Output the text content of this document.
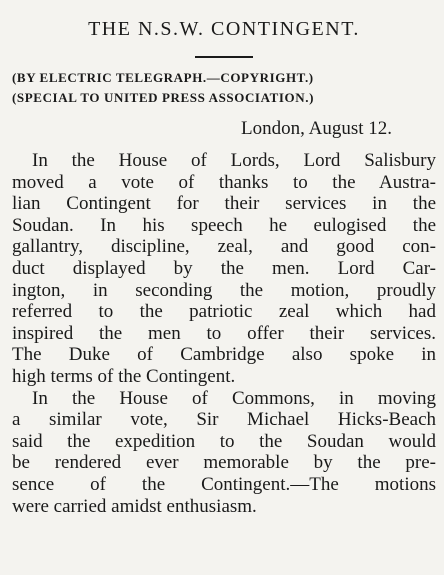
THE N.S.W. CONTINGENT.

(BY ELECTRIC TELEGRAPH.—COPYRIGHT.)

(SPECIAL TO UNITED PRESS ASSOCIATION.)

London, August 12.

In the House of Lords, Lord Salisbury
moved a vote of thanks to the Austra-
lian Contingent for their services in the
Soudan. In his speech he eulogised the
gallantry, discipline, zeal, and good con-
duct displayed by the men. Lord Car-
ington, in seconding the motion, proudly
referred to the patriotic zeal which had
inspired the men to offer their services.
The Duke of Cambridge also spoke in
high terms of the Contingent.

In the House of Commons, in moving
a similar vote, Sir Michael Hicks-Beach
said the expedition to the Soudan would
be rendered ever memorable by the pre-
sence of the Contingent.—The motions
were carried amidst enthusiasm.
